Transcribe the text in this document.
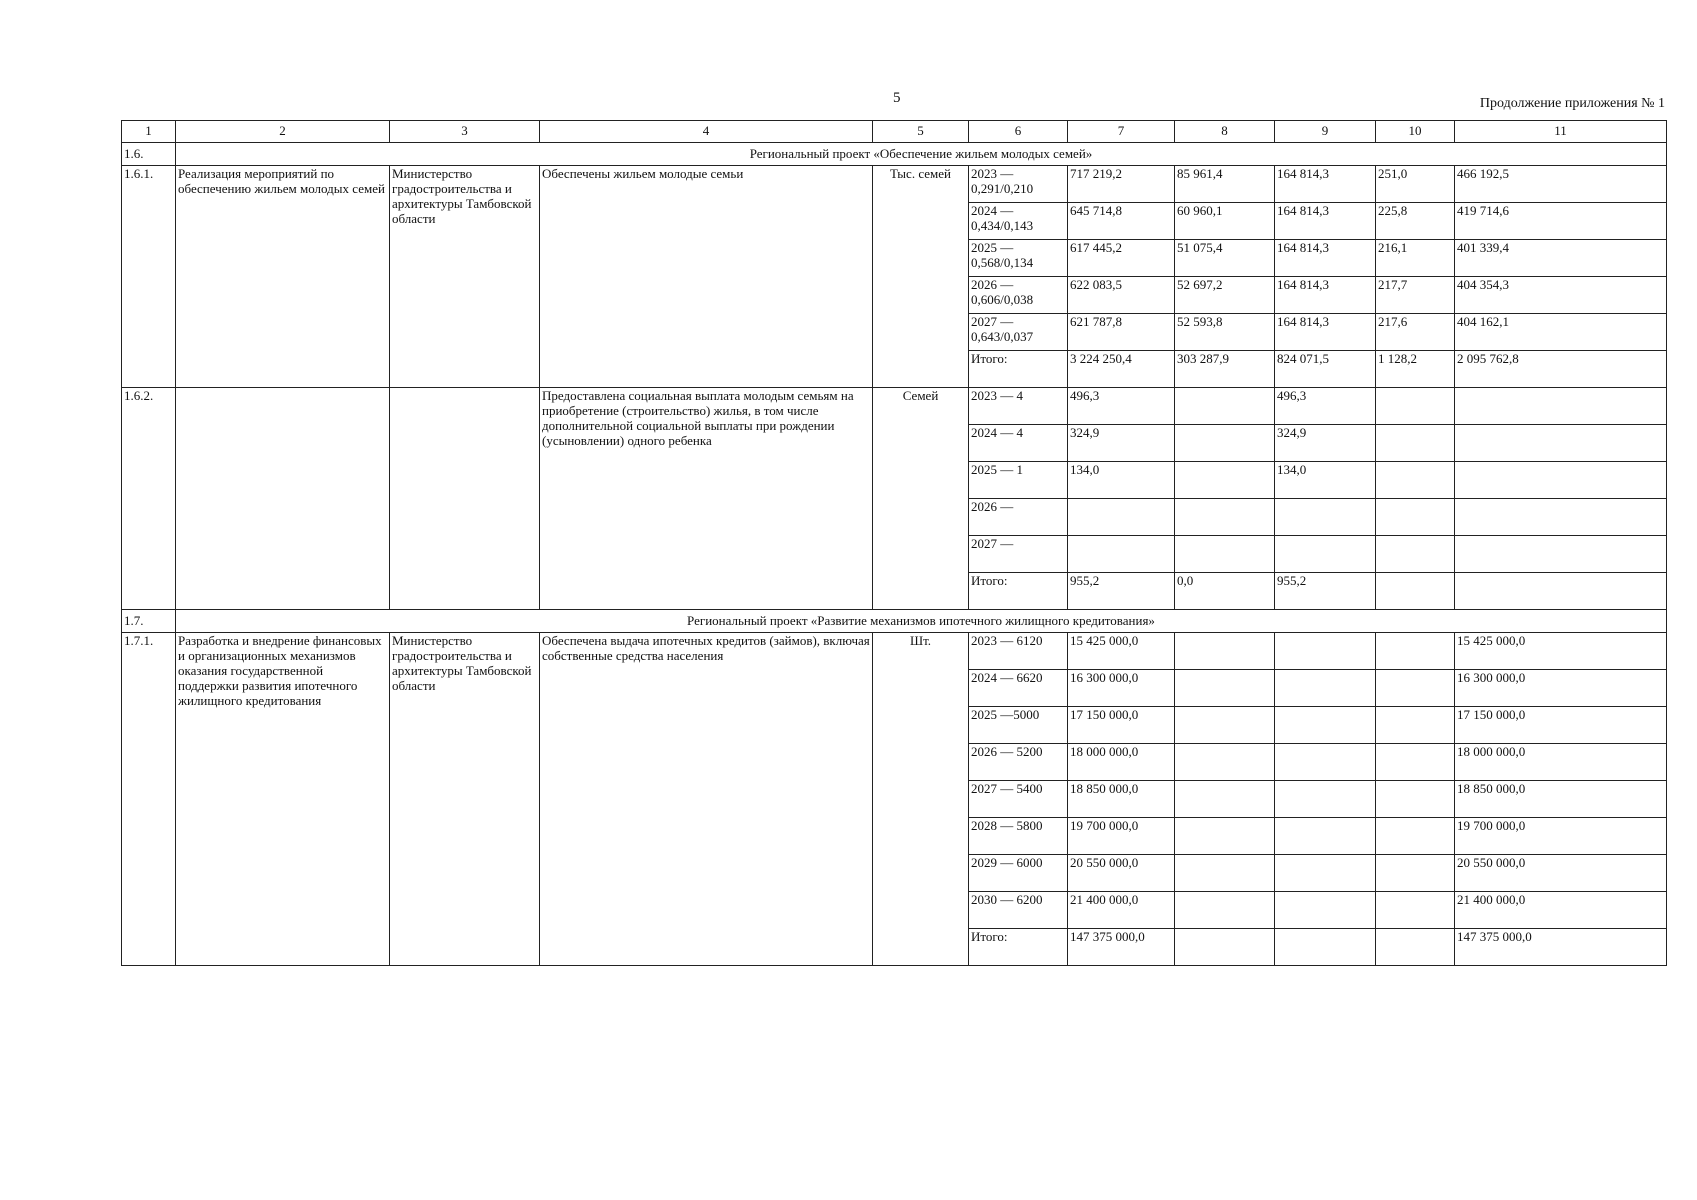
5	Продолжение приложения № 1
1	2	3	4	5	6	7	8	9	10	11
1.6.	Региональный проект «Обеспечение жильем молодых семей»									
1.6.1.	Реализация мероприятий по обеспечению жильем молодых семей	Министерство градостроительства и архитектуры Тамбовской области	Обеспечены жильем молодые семьи	Тыс. семей	2023 — 0,291/0,210	717 219,2	85 961,4	164 814,3	251,0	466 192,5
					2024 — 0,434/0,143	645 714,8	60 960,1	164 814,3	225,8	419 714,6
					2025 — 0,568/0,134	617 445,2	51 075,4	164 814,3	216,1	401 339,4
					2026 — 0,606/0,038	622 083,5	52 697,2	164 814,3	217,7	404 354,3
					2027 — 0,643/0,037	621 787,8	52 593,8	164 814,3	217,6	404 162,1
					Итого:	3 224 250,4	303 287,9	824 071,5	1 128,2	2 095 762,8
1.6.2.			Предоставлена социальная выплата молодым семьям на приобретение (строительство) жилья, в том числе дополнительной социальной выплаты при рождении (усыновлении) одного ребенка	Семей	2023 — 4	496,3		496,3		
					2024 — 4	324,9		324,9		
					2025 — 1	134,0		134,0		
					2026 —					
					2027 —					
					Итого:	955,2	0,0	955,2		
1.7.	Региональный проект «Развитие механизмов ипотечного жилищного кредитования»									
1.7.1.	Разработка и внедрение финансовых и организационных механизмов оказания государственной поддержки развития ипотечного жилищного кредитования	Министерство градостроительства и архитектуры Тамбовской области	Обеспечена выдача ипотечных кредитов (займов), включая собственные средства населения	Шт.	2023 — 6120	15 425 000,0				15 425 000,0
					2024 — 6620	16 300 000,0				16 300 000,0
					2025 —5000	17 150 000,0				17 150 000,0
					2026 — 5200	18 000 000,0				18 000 000,0
					2027 — 5400	18 850 000,0				18 850 000,0
					2028 — 5800	19 700 000,0				19 700 000,0
					2029 — 6000	20 550 000,0				20 550 000,0
					2030 — 6200	21 400 000,0				21 400 000,0
					Итого:	147 375 000,0				147 375 000,0
